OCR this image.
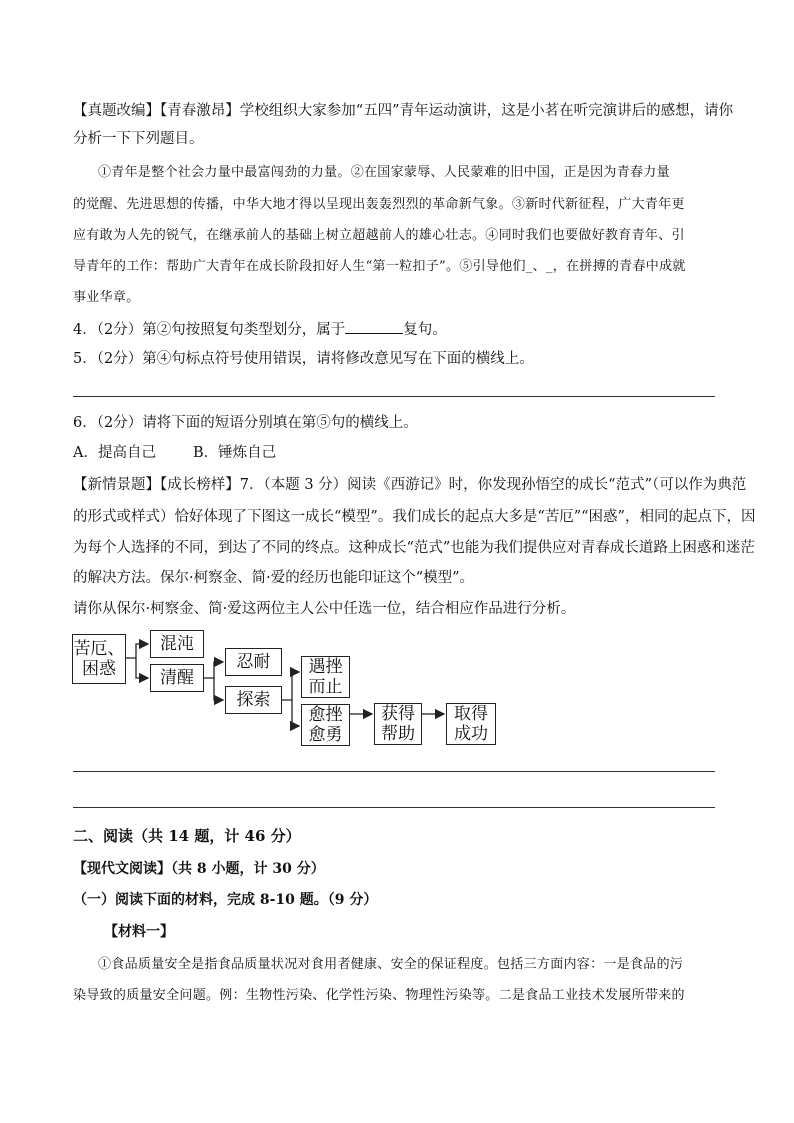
【真题改编】【青春激昂】学校组织大家参加“五四”青年运动演讲，这是小茗在听完演讲后的感想，请你
分析一下下列题目。
①青年是整个社会力量中最富闯劲的力量。②在国家蒙辱、人民蒙难的旧中国，正是因为青春力量
的觉醒、先进思想的传播，中华大地才得以呈现出轰轰烈烈的革命新气象。③新时代新征程，广大青年更
应有敢为人先的锐气，在继承前人的基础上树立超越前人的雄心壮志。④同时我们也要做好教育青年、引
导青年的工作：帮助广大青年在成长阶段扣好人生“第一粒扣子”。⑤引导他们_、_，在拼搏的青春中成就
事业华章。
4．（2分）第②句按照复句类型划分，属于	复句。
5．（2分）第④句标点符号使用错误，请将修改意见写在下面的横线上。
6．（2分）请将下面的短语分别填在第⑤句的横线上。
A．提高自己	B．锤炼自己
【新情景题】【成长榜样】7．（本题 3 分）阅读《西游记》时，你发现孙悟空的成长“范式”（可以作为典范
的形式或样式）恰好体现了下图这一成长“模型”。我们成长的起点大多是“苦厄”“困惑”，相同的起点下，因
为每个人选择的不同，到达了不同的终点。这种成长“范式”也能为我们提供应对青春成长道路上困惑和迷茫
的解决方法。保尔·柯察金、简·爱的经历也能印证这个“模型”。
请你从保尔·柯察金、简·爱这两位主人公中任选一位，结合相应作品进行分析。
苦厄、
困惑
混沌
清醒
忍耐
探索
遇挫
而止
愈挫
愈勇
获得
帮助
取得
成功
二、阅读（共 14 题，计 46 分）
【现代文阅读】（共 8 小题，计 30 分）
（一）阅读下面的材料，完成 8-10 题。（9 分）
【材料一】
①食品质量安全是指食品质量状况对食用者健康、安全的保证程度。包括三方面内容：一是食品的污
染导致的质量安全问题。例：生物性污染、化学性污染、物理性污染等。二是食品工业技术发展所带来的
